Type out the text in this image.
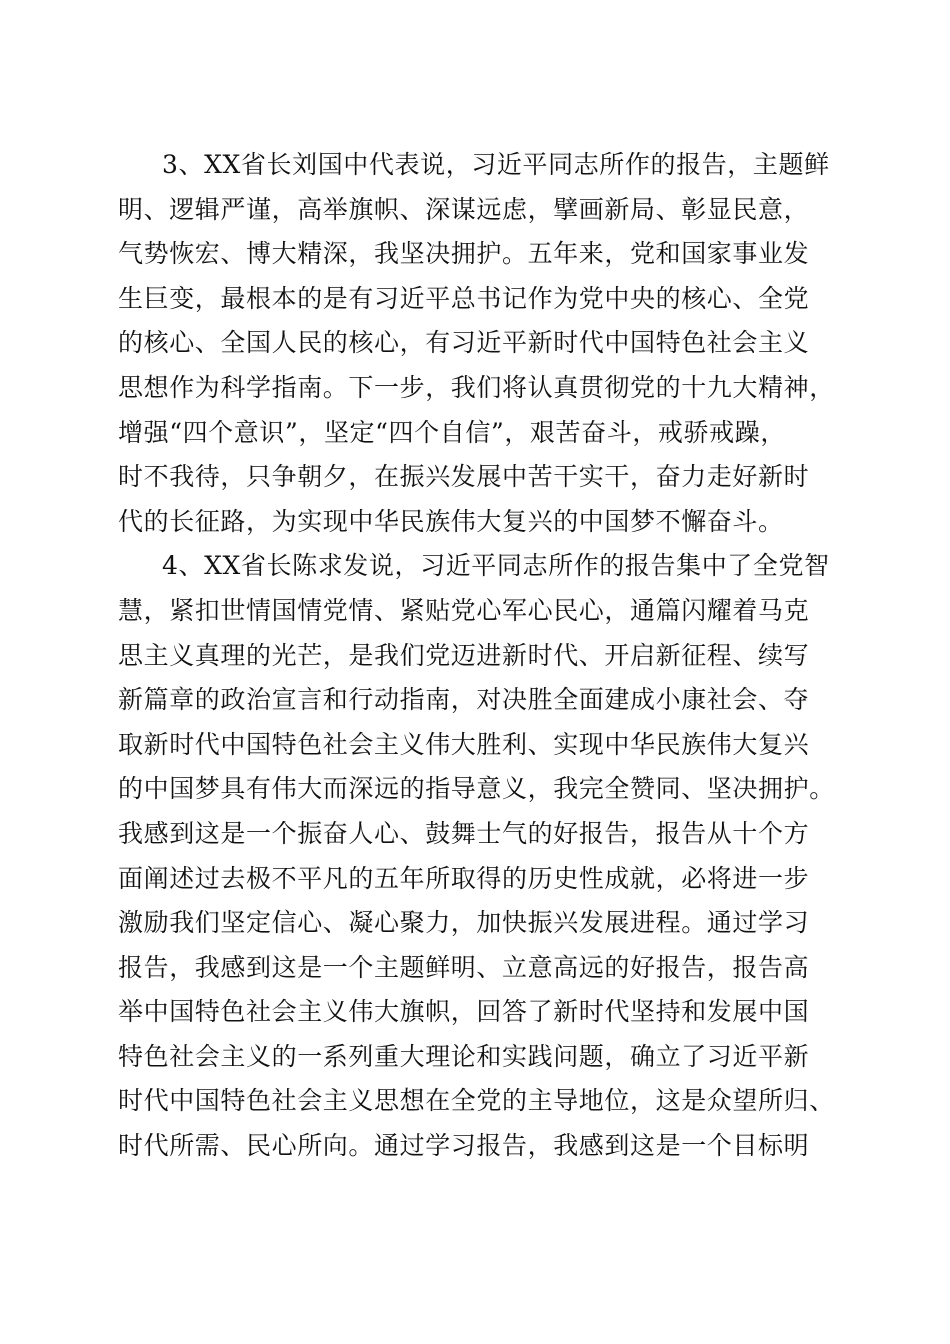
3、XX省长刘国中代表说，习近平同志所作的报告，主题鲜
明、逻辑严谨，高举旗帜、深谋远虑，擘画新局、彰显民意，
气势恢宏、博大精深，我坚决拥护。五年来，党和国家事业发
生巨变，最根本的是有习近平总书记作为党中央的核心、全党
的核心、全国人民的核心，有习近平新时代中国特色社会主义
思想作为科学指南。下一步，我们将认真贯彻党的十九大精神，
增强“四个意识”，坚定“四个自信”，艰苦奋斗，戒骄戒躁，
时不我待，只争朝夕，在振兴发展中苦干实干，奋力走好新时
代的长征路，为实现中华民族伟大复兴的中国梦不懈奋斗。
4、XX省长陈求发说，习近平同志所作的报告集中了全党智
慧，紧扣世情国情党情、紧贴党心军心民心，通篇闪耀着马克
思主义真理的光芒，是我们党迈进新时代、开启新征程、续写
新篇章的政治宣言和行动指南，对决胜全面建成小康社会、夺
取新时代中国特色社会主义伟大胜利、实现中华民族伟大复兴
的中国梦具有伟大而深远的指导意义，我完全赞同、坚决拥护。
我感到这是一个振奋人心、鼓舞士气的好报告，报告从十个方
面阐述过去极不平凡的五年所取得的历史性成就，必将进一步
激励我们坚定信心、凝心聚力，加快振兴发展进程。通过学习
报告，我感到这是一个主题鲜明、立意高远的好报告，报告高
举中国特色社会主义伟大旗帜，回答了新时代坚持和发展中国
特色社会主义的一系列重大理论和实践问题，确立了习近平新
时代中国特色社会主义思想在全党的主导地位，这是众望所归、
时代所需、民心所向。通过学习报告，我感到这是一个目标明
